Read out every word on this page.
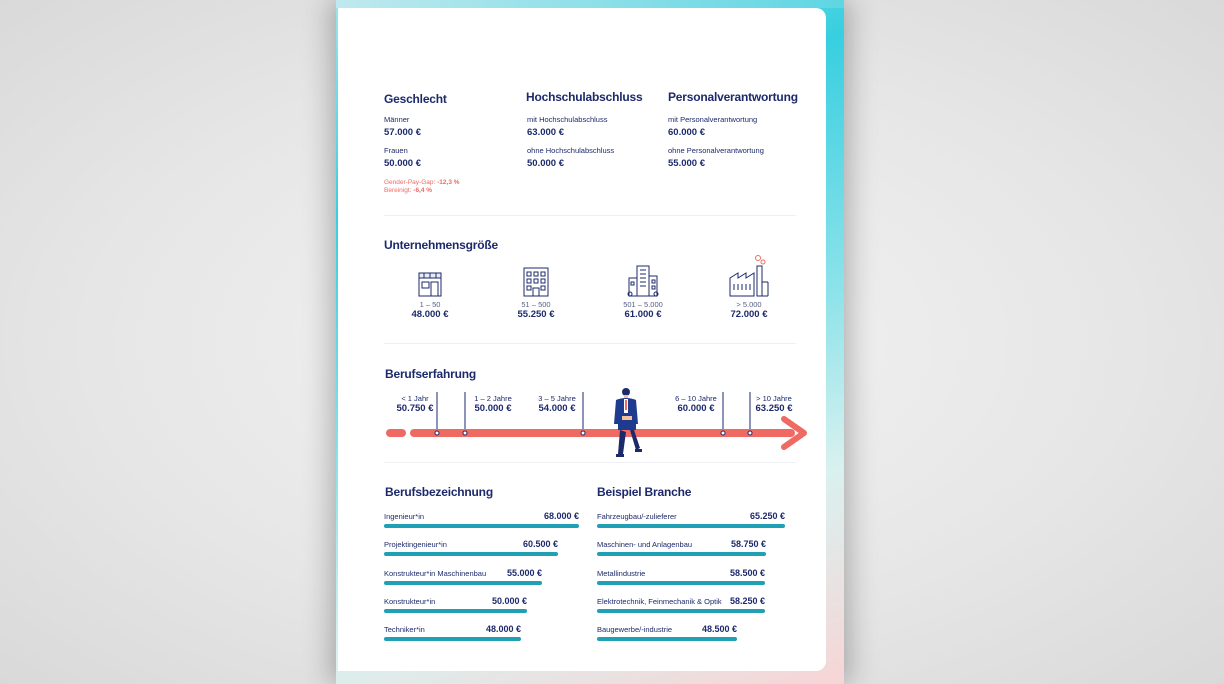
Geschlecht
Männer
57.000 €
Frauen
50.000 €
Gender-Pay-Gap: -12,3 %
Bereinigt: -6,4 %
Hochschulabschluss
mit Hochschulabschluss
63.000 €
ohne Hochschulabschluss
50.000 €
Personalverantwortung
mit Personalverantwortung
60.000 €
ohne Personalverantwortung
55.000 €
Unternehmensgröße
1 – 50
48.000 €
51 – 500
55.250 €
501 – 5.000
61.000 €
> 5.000
72.000 €
Berufserfahrung
< 1 Jahr
50.750 €
1 – 2 Jahre
50.000 €
3 – 5 Jahre
54.000 €
6 – 10 Jahre
60.000 €
> 10 Jahre
63.250 €
Berufsbezeichnung
Ingenieur*in	68.000 €
Projektingenieur*in	60.500 €
Konstrukteur*in Maschinenbau 55.000 €
Konstrukteur*in	50.000 €
Techniker*in	48.000 €
Beispiel Branche
Fahrzeugbau/-zulieferer	65.250 €
Maschinen- und Anlagenbau	58.750 €
Metallindustrie	58.500 €
Elektrotechnik, Feinmechanik & Optik 58.250 €
Baugewerbe/-industrie	48.500 €
